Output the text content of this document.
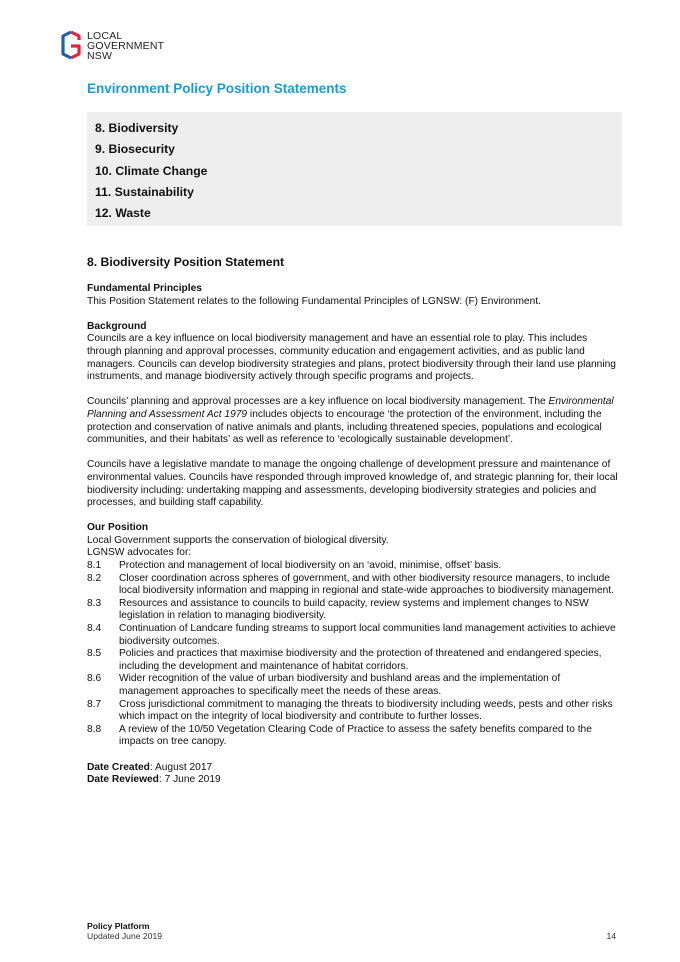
LOCAL
GOVERNMENT
NSW
Environment Policy Position Statements
8. Biodiversity
9. Biosecurity
10. Climate Change
11. Sustainability
12. Waste
8. Biodiversity Position Statement

Fundamental Principles

This Position Statement relates to the following Fundamental Principles of LGNSW: (F) Environment.

Background

Councils are a key influence on local biodiversity management and have an essential role to play. This includes through planning and approval processes, community education and engagement activities, and as public land managers. Councils can develop biodiversity strategies and plans, protect biodiversity through their land use planning instruments, and manage biodiversity actively through specific programs and projects.

Councils’ planning and approval processes are a key influence on local biodiversity management. The Environmental Planning and Assessment Act 1979 includes objects to encourage ‘the protection of the environment, including the protection and conservation of native animals and plants, including threatened species, populations and ecological communities, and their habitats’ as well as reference to ‘ecologically sustainable development’.

Councils have a legislative mandate to manage the ongoing challenge of development pressure and maintenance of environmental values. Councils have responded through improved knowledge of, and strategic planning for, their local biodiversity including: undertaking mapping and assessments, developing biodiversity strategies and policies and processes, and building staff capability.

Our Position

Local Government supports the conservation of biological diversity.

LGNSW advocates for:

8.1	Protection and management of local biodiversity on an ‘avoid, minimise, offset’ basis.
8.2	Closer coordination across spheres of government, and with other biodiversity resource managers, to include local biodiversity information and mapping in regional and state-wide approaches to biodiversity management.
8.3	Resources and assistance to councils to build capacity, review systems and implement changes to NSW legislation in relation to managing biodiversity.
8.4	Continuation of Landcare funding streams to support local communities land management activities to achieve biodiversity outcomes.
8.5	Policies and practices that maximise biodiversity and the protection of threatened and endangered species, including the development and maintenance of habitat corridors.
8.6	Wider recognition of the value of urban biodiversity and bushland areas and the implementation of management approaches to specifically meet the needs of these areas.
8.7	Cross jurisdictional commitment to managing the threats to biodiversity including weeds, pests and other risks which impact on the integrity of local biodiversity and contribute to further losses.
8.8	A review of the 10/50 Vegetation Clearing Code of Practice to assess the safety benefits compared to the impacts on tree canopy.

Date Created: August 2017

Date Reviewed: 7 June 2019

Policy Platform
Updated June 2019	14
